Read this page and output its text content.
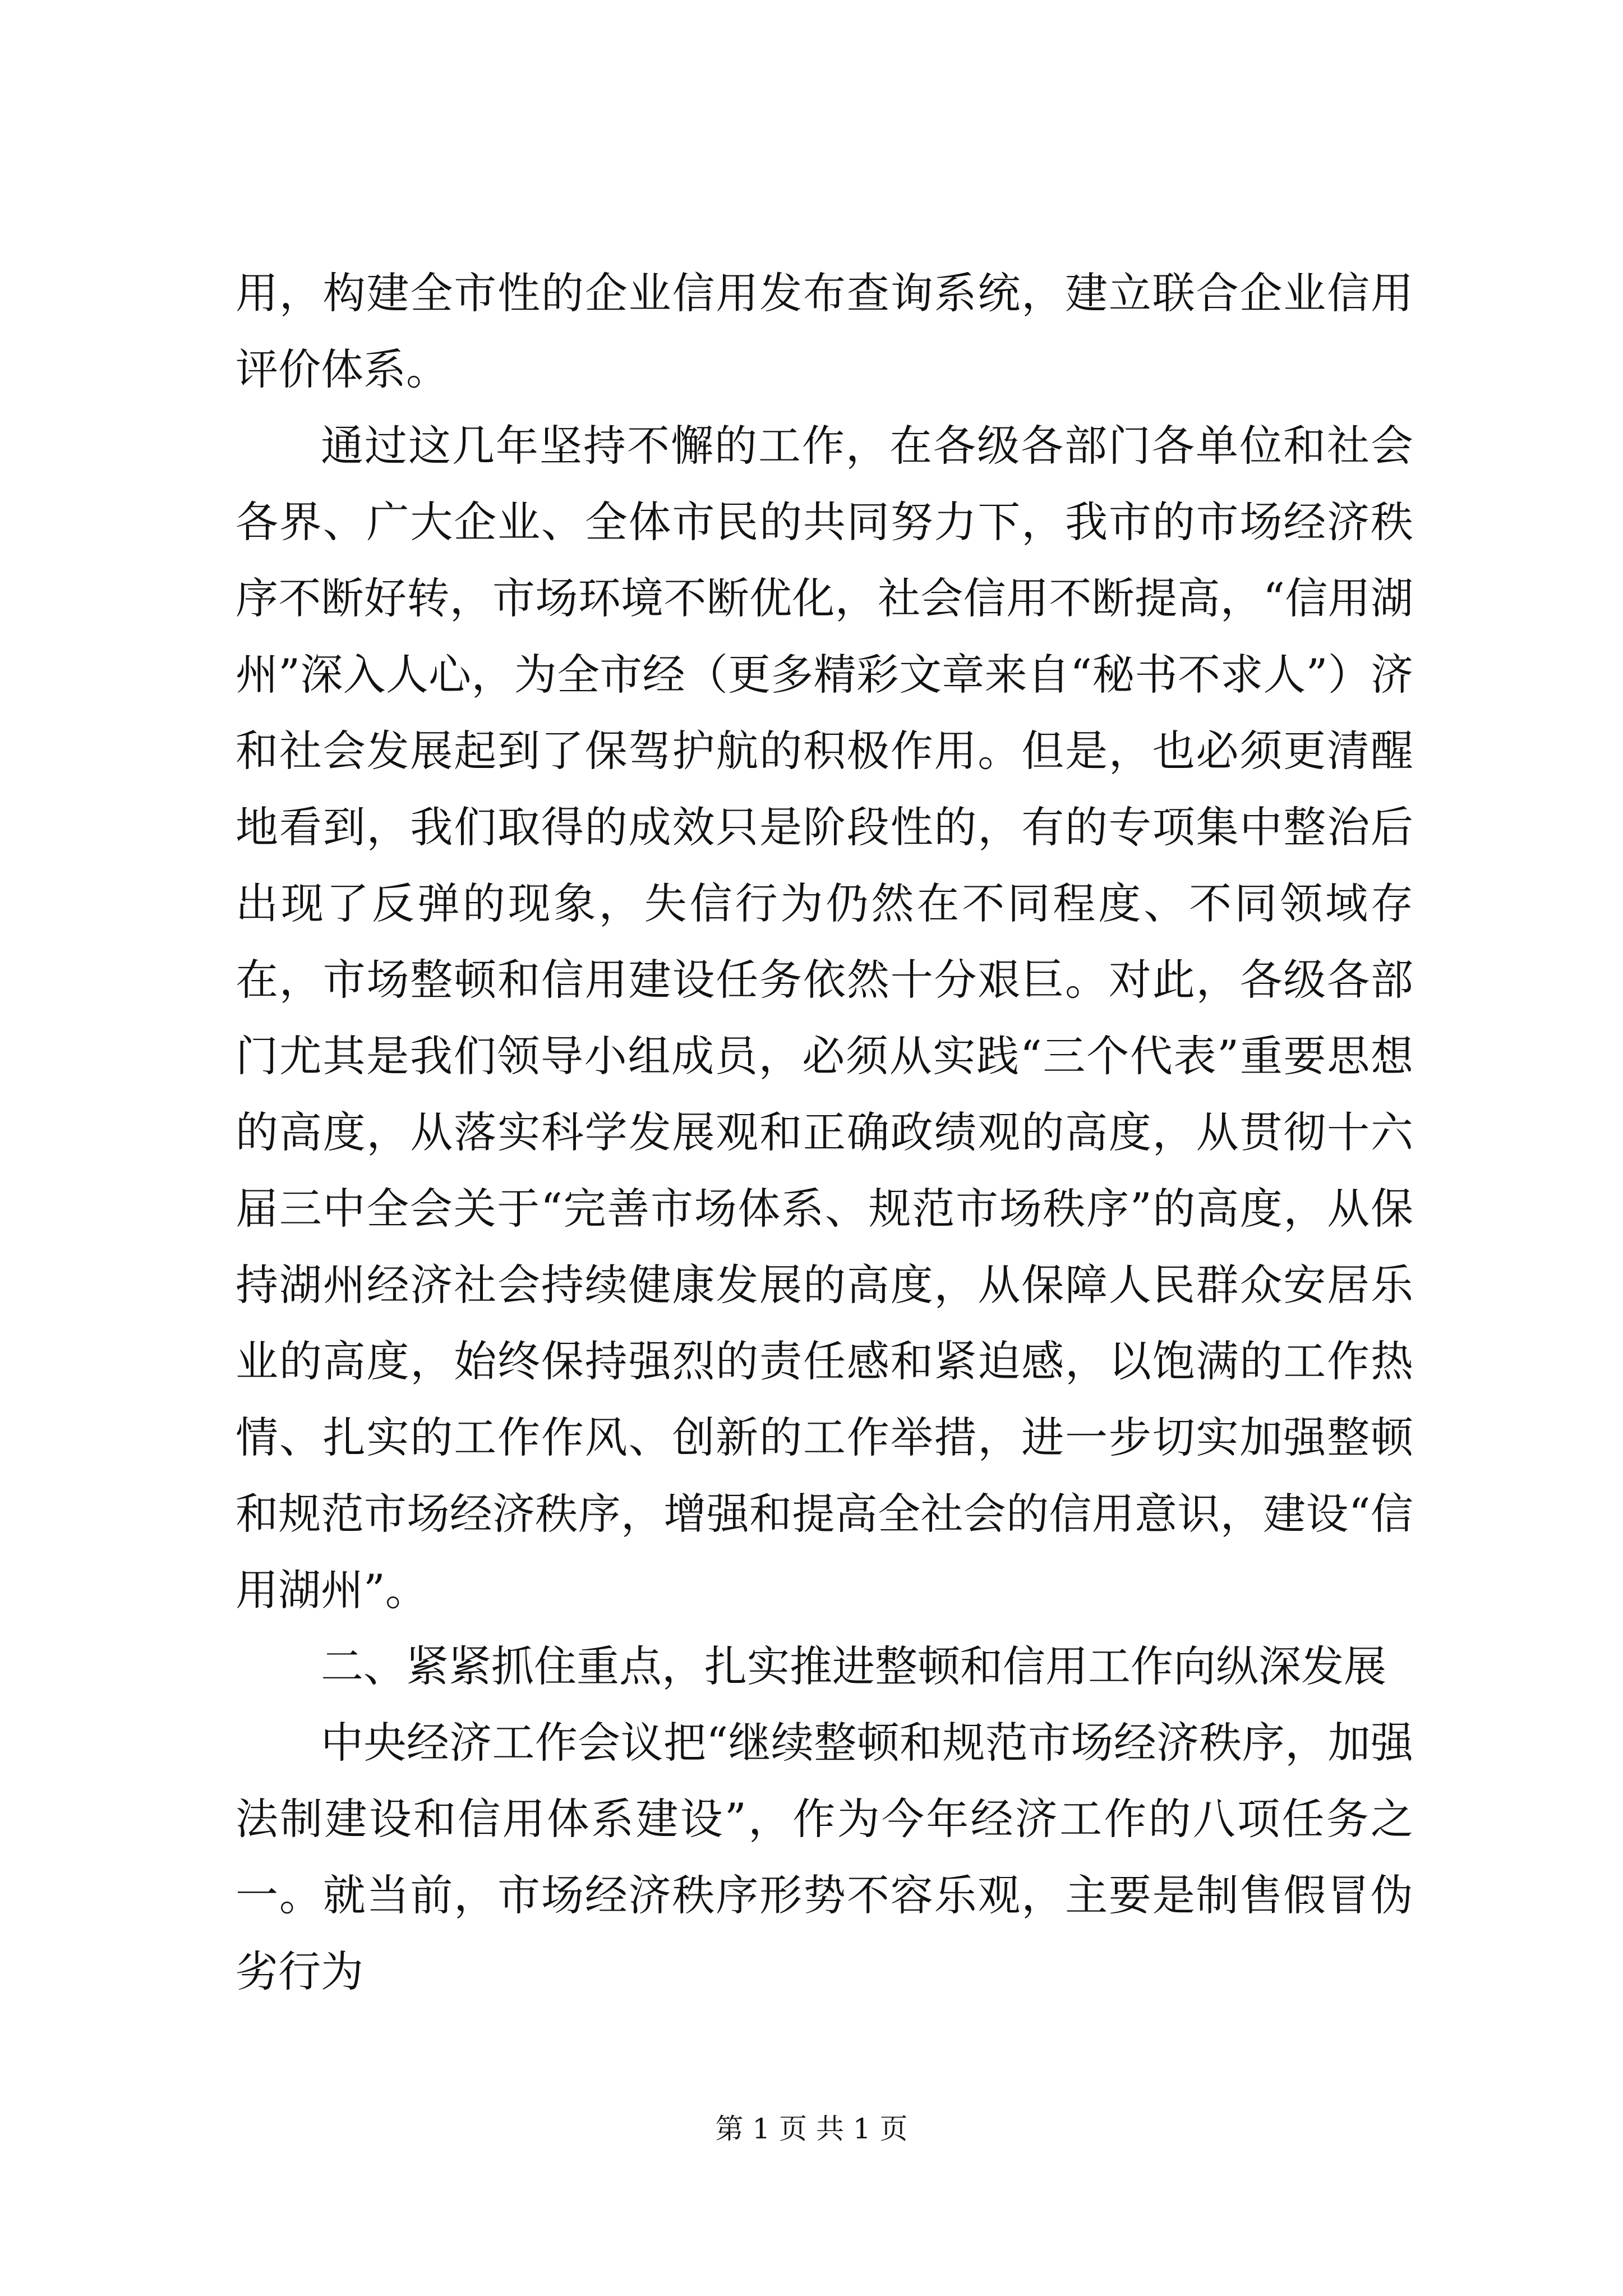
用，构建全市性的企业信用发布查询系统，建立联合企业信用评价体系。

通过这几年坚持不懈的工作，在各级各部门各单位和社会各界、广大企业、全体市民的共同努力下，我市的市场经济秩序不断好转，市场环境不断优化，社会信用不断提高，“信用湖州”深入人心，为全市经（更多精彩文章来自“秘书不求人”）济和社会发展起到了保驾护航的积极作用。但是，也必须更清醒地看到，我们取得的成效只是阶段性的，有的专项集中整治后出现了反弹的现象，失信行为仍然在不同程度、不同领域存在，市场整顿和信用建设任务依然十分艰巨。对此，各级各部门尤其是我们领导小组成员，必须从实践“三个代表”重要思想的高度，从落实科学发展观和正确政绩观的高度，从贯彻十六届三中全会关于“完善市场体系、规范市场秩序”的高度，从保持湖州经济社会持续健康发展的高度，从保障人民群众安居乐业的高度，始终保持强烈的责任感和紧迫感，以饱满的工作热情、扎实的工作作风、创新的工作举措，进一步切实加强整顿和规范市场经济秩序，增强和提高全社会的信用意识，建设“信用湖州”。

二、紧紧抓住重点，扎实推进整顿和信用工作向纵深发展

中央经济工作会议把“继续整顿和规范市场经济秩序，加强法制建设和信用体系建设”，作为今年经济工作的八项任务之一。就当前，市场经济秩序形势不容乐观，主要是制售假冒伪劣行为

第 1 页 共 1 页
